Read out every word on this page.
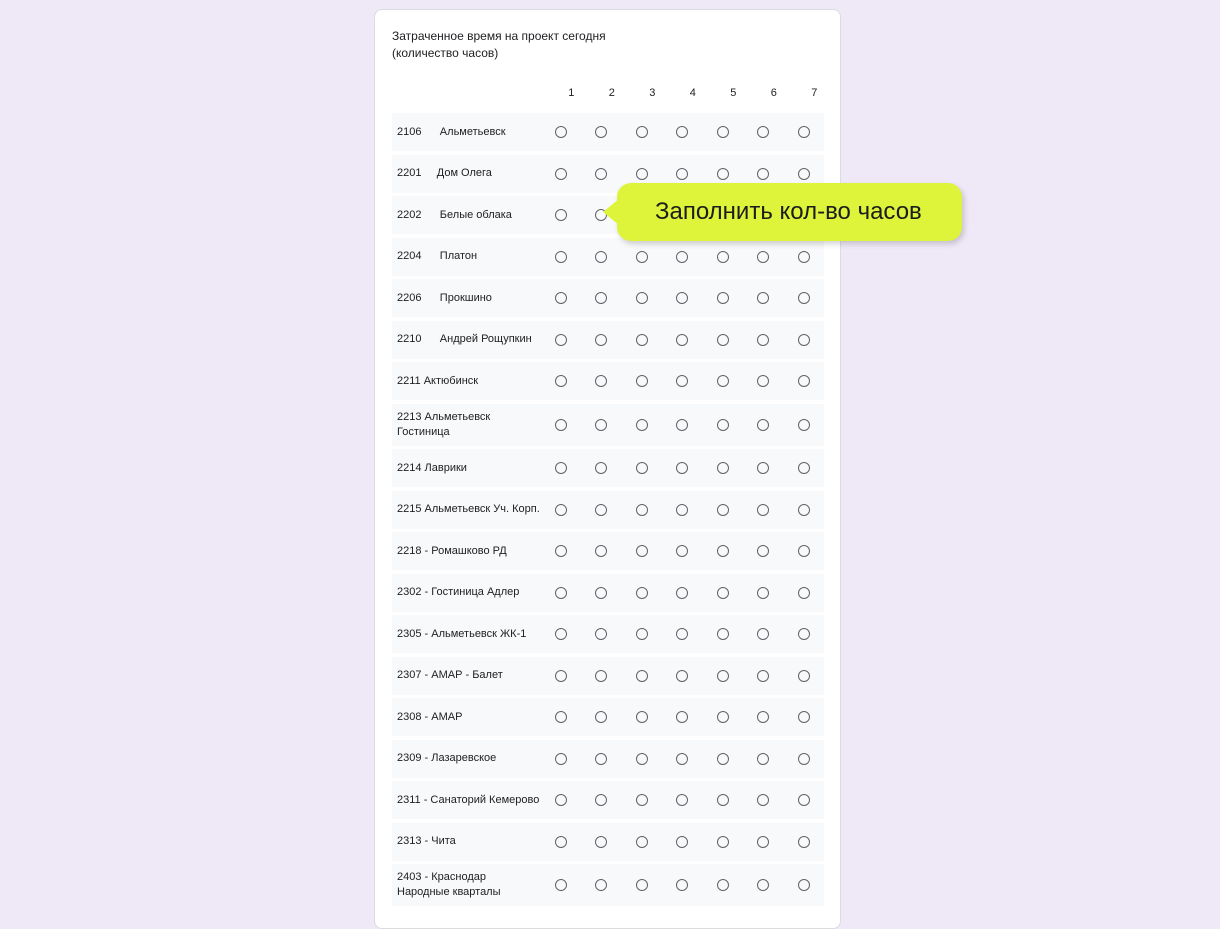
Затраченное время на проект сегодня
(количество часов)
1	2	3	4	5	6	7
2106      Альметьевск
2201     Дом Олега
2202      Белые облака
2204      Платон
2206      Прокшино
2210      Андрей Рощупкин
2211 Актюбинск
2213 Альметьевск Гостиница
2214 Лаврики
2215 Альметьевск Уч. Корп.
2218 - Ромашково РД
2302 - Гостиница Адлер
2305 - Альметьевск ЖК-1
2307 - АМАР - Балет
2308 - АМАР
2309 - Лазаревское
2311 - Санаторий Кемерово
2313 - Чита
2403 - Краснодар Народные кварталы
Заполнить кол-во часов
